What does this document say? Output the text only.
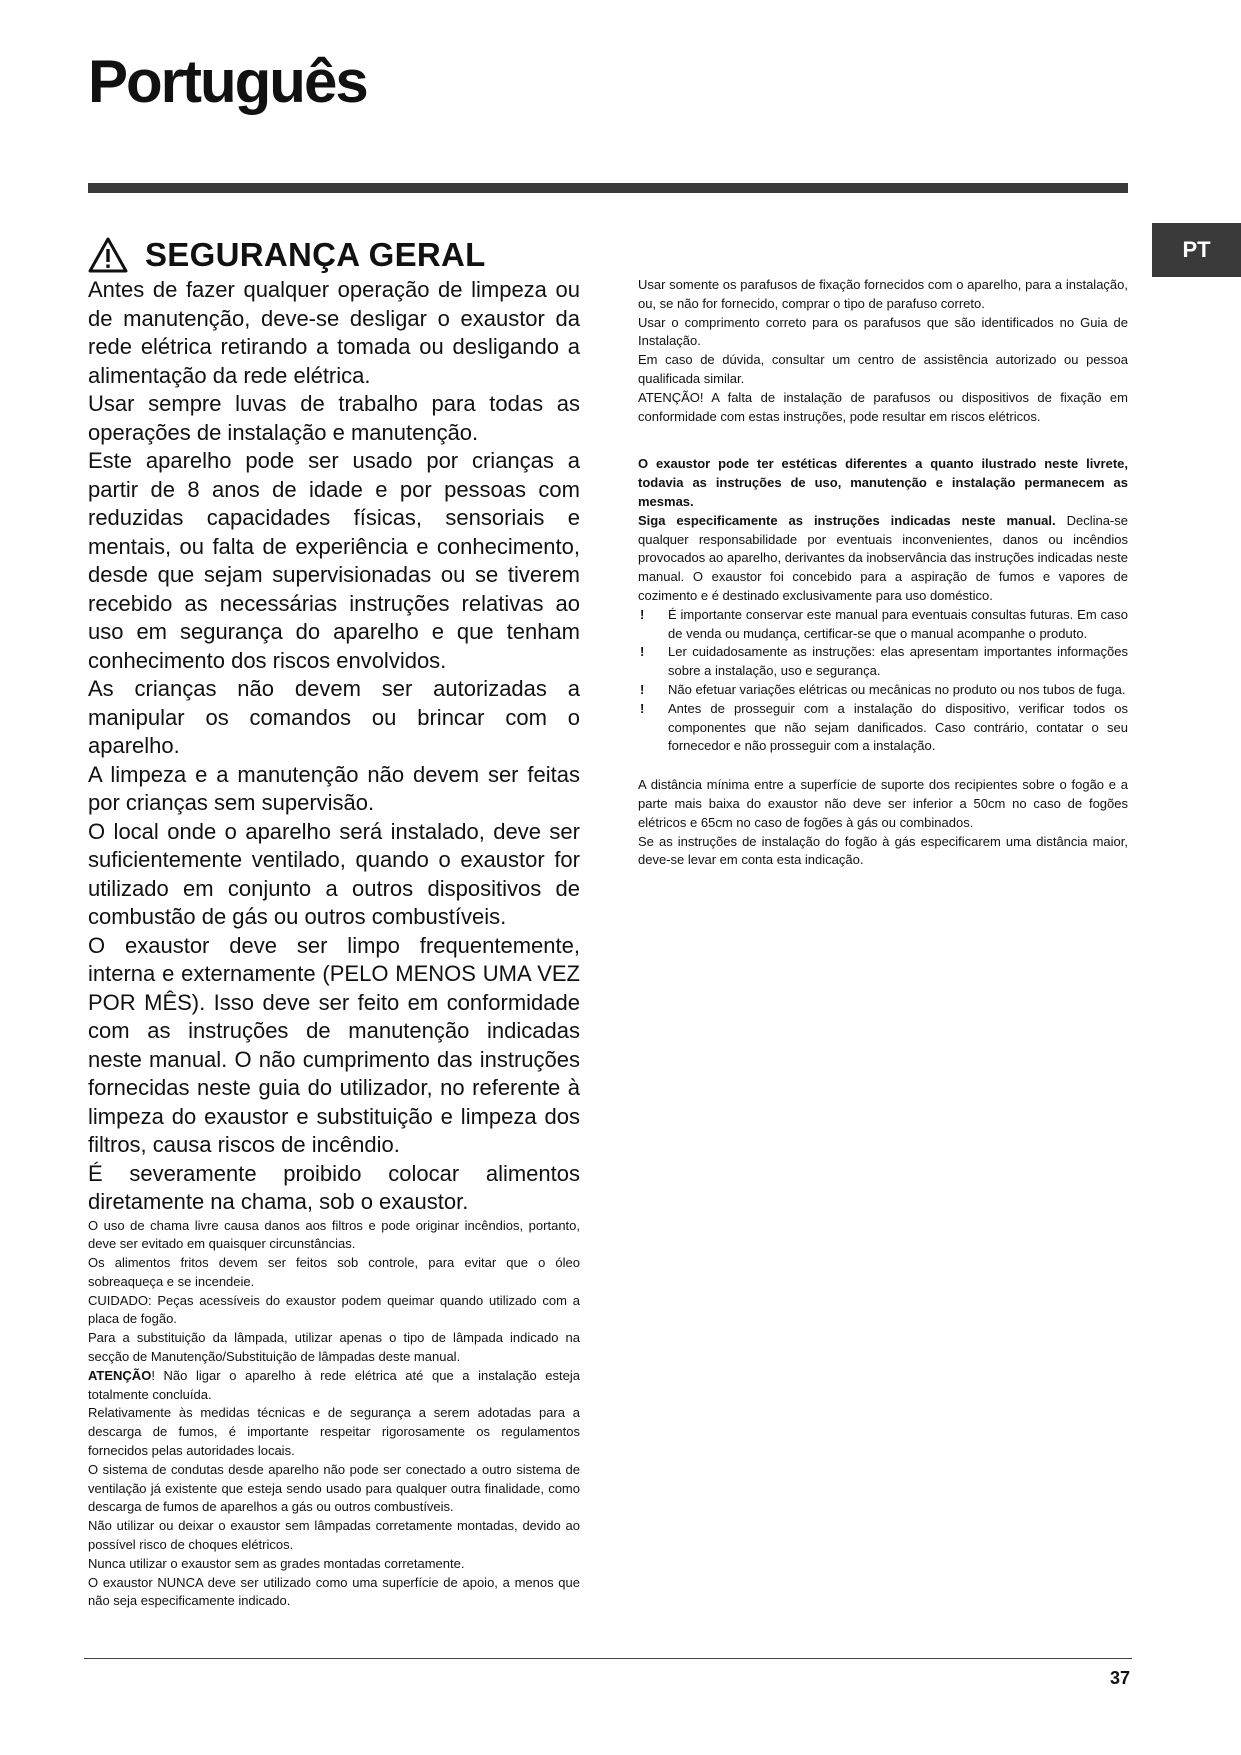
Português
PT
SEGURANÇA GERAL

Antes de fazer qualquer operação de limpeza ou de manutenção, deve-se desligar o exaustor da rede elétrica retirando a tomada ou desligando a alimentação da rede elétrica.

Usar sempre luvas de trabalho para todas as operações de instalação e manutenção.

Este aparelho pode ser usado por crianças a partir de 8 anos de idade e por pessoas com reduzidas capacidades físicas, sensoriais e mentais, ou falta de experiência e conhecimento, desde que sejam supervisionadas ou se tiverem recebido as necessárias instruções relativas ao uso em segurança do aparelho e que tenham conhecimento dos riscos envolvidos.

As crianças não devem ser autorizadas a manipular os comandos ou brincar com o aparelho.

A limpeza e a manutenção não devem ser feitas por crianças sem supervisão.

O local onde o aparelho será instalado, deve ser suficientemente ventilado, quando o exaustor for utilizado em conjunto a outros dispositivos de combustão de gás ou outros combustíveis.

O exaustor deve ser limpo frequentemente, interna e externamente (PELO MENOS UMA VEZ POR MÊS). Isso deve ser feito em conformidade com as instruções de manutenção indicadas neste manual. O não cumprimento das instruções fornecidas neste guia do utilizador, no referente à limpeza do exaustor e substituição e limpeza dos filtros, causa riscos de incêndio.

É severamente proibido colocar alimentos diretamente na chama, sob o exaustor.

O uso de chama livre causa danos aos filtros e pode originar incêndios, portanto, deve ser evitado em quaisquer circunstâncias.

Os alimentos fritos devem ser feitos sob controle, para evitar que o óleo sobreaqueça e se incendeie.

CUIDADO: Peças acessíveis do exaustor podem queimar quando utilizado com a placa de fogão.

Para a substituição da lâmpada, utilizar apenas o tipo de lâmpada indicado na secção de Manutenção/Substituição de lâmpadas deste manual.

ATENÇÃO! Não ligar o aparelho à rede elétrica até que a instalação esteja totalmente concluída.

Relativamente às medidas técnicas e de segurança a serem adotadas para a descarga de fumos, é importante respeitar rigorosamente os regulamentos fornecidos pelas autoridades locais.

O sistema de condutas desde aparelho não pode ser conectado a outro sistema de ventilação já existente que esteja sendo usado para qualquer outra finalidade, como descarga de fumos de aparelhos a gás ou outros combustíveis.

Não utilizar ou deixar o exaustor sem lâmpadas corretamente montadas, devido ao possível risco de choques elétricos.

Nunca utilizar o exaustor sem as grades montadas corretamente.

O exaustor NUNCA deve ser utilizado como uma superfície de apoio, a menos que não seja especificamente indicado.

Usar somente os parafusos de fixação fornecidos com o aparelho, para a instalação, ou, se não for fornecido, comprar o tipo de parafuso correto.

Usar o comprimento correto para os parafusos que são identificados no Guia de Instalação.

Em caso de dúvida, consultar um centro de assistência autorizado ou pessoa qualificada similar.

ATENÇÃO! A falta de instalação de parafusos ou dispositivos de fixação em conformidade com estas instruções, pode resultar em riscos elétricos.

O exaustor pode ter estéticas diferentes a quanto ilustrado neste livrete, todavia as instruções de uso, manutenção e instalação permanecem as mesmas.

Siga especificamente as instruções indicadas neste manual. Declina-se qualquer responsabilidade por eventuais inconvenientes, danos ou incêndios provocados ao aparelho, derivantes da inobservância das instruções indicadas neste manual. O exaustor foi concebido para a aspiração de fumos e vapores de cozimento e é destinado exclusivamente para uso doméstico.

! É importante conservar este manual para eventuais consultas futuras. Em caso de venda ou mudança, certificar-se que o manual acompanhe o produto.
! Ler cuidadosamente as instruções: elas apresentam importantes informações sobre a instalação, uso e segurança.
! Não efetuar variações elétricas ou mecânicas no produto ou nos tubos de fuga.
! Antes de prosseguir com a instalação do dispositivo, verificar todos os componentes que não sejam danificados. Caso contrário, contatar o seu fornecedor e não prosseguir com a instalação.

A distância mínima entre a superfície de suporte dos recipientes sobre o fogão e a parte mais baixa do exaustor não deve ser inferior a 50cm no caso de fogões elétricos e 65cm no caso de fogões à gás ou combinados.

Se as instruções de instalação do fogão à gás especificarem uma distância maior, deve-se levar em conta esta indicação.

37
